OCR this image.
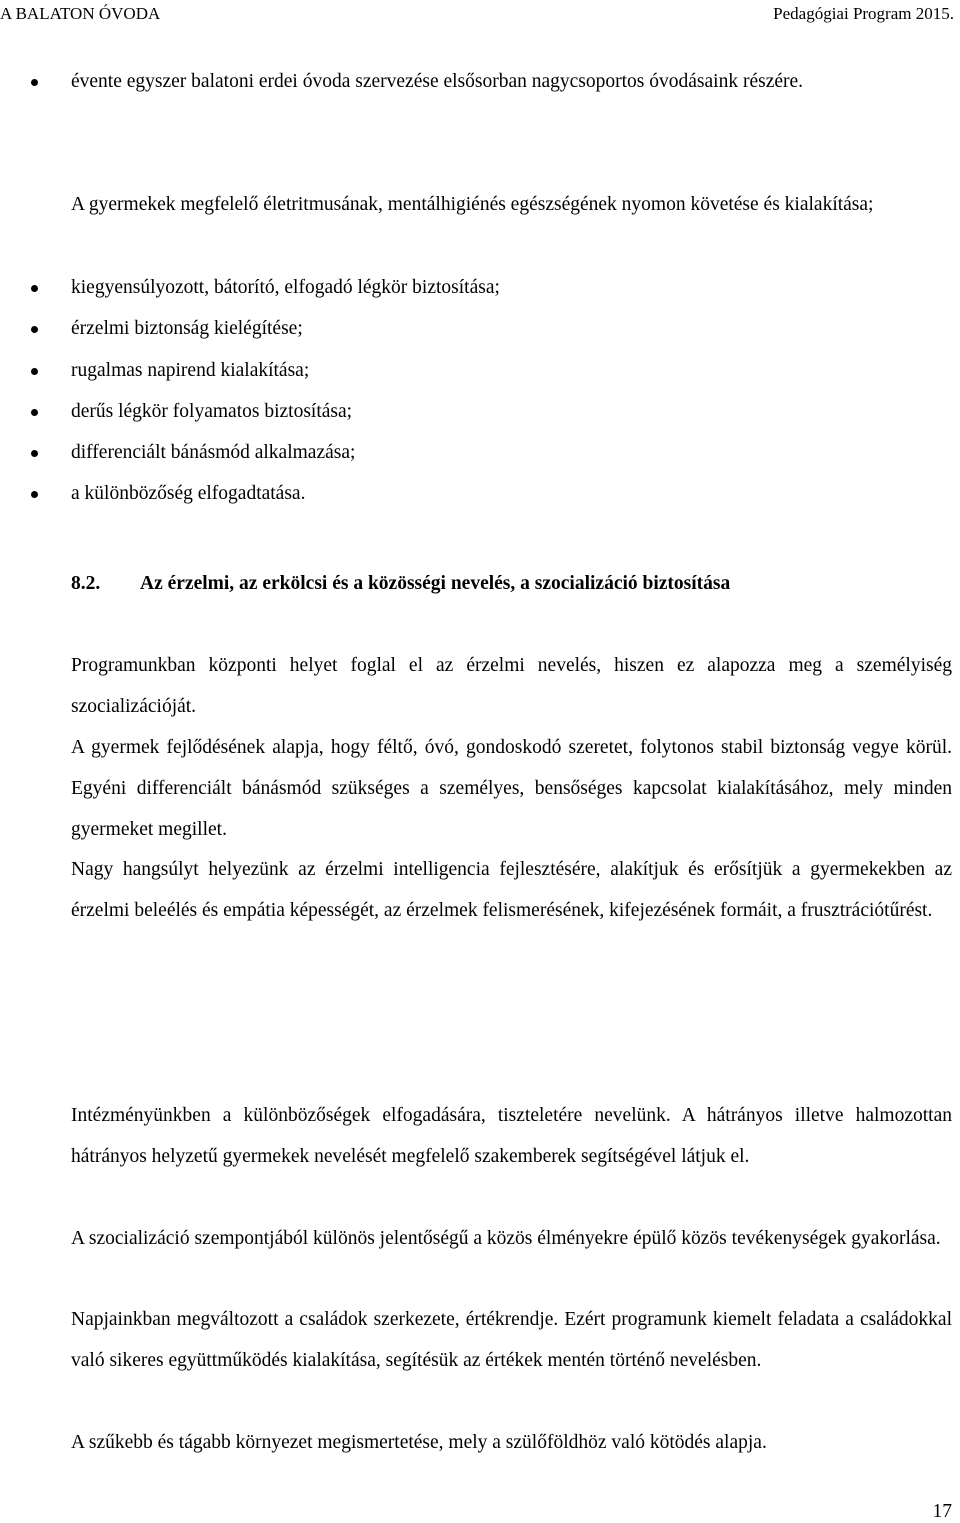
A BALATON ÓVODA	Pedagógiai Program 2015.
évente egyszer balatoni erdei óvoda szervezése elsősorban nagycsoportos óvodásaink részére.
A gyermekek megfelelő életritmusának, mentálhigiénés egészségének nyomon követése és kialakítása;
kiegyensúlyozott, bátorító, elfogadó légkör biztosítása;
érzelmi biztonság kielégítése;
rugalmas napirend kialakítása;
derűs légkör folyamatos biztosítása;
differenciált bánásmód alkalmazása;
a különbözőség elfogadtatása.
8.2. Az érzelmi, az erkölcsi és a közösségi nevelés, a szocializáció biztosítása
Programunkban központi helyet foglal el az érzelmi nevelés, hiszen ez alapozza meg a személyiség szocializációját.
A gyermek fejlődésének alapja, hogy féltő, óvó, gondoskodó szeretet, folytonos stabil biztonság vegye körül. Egyéni differenciált bánásmód szükséges a személyes, bensőséges kapcsolat kialakításához, mely minden gyermeket megillet.
Nagy hangsúlyt helyezünk az érzelmi intelligencia fejlesztésére, alakítjuk és erősítjük a gyermekekben az érzelmi beleélés és empátia képességét, az érzelmek felismerésének, kifejezésének formáit, a frusztrációtűrést.
Intézményünkben a különbözőségek elfogadására, tiszteletére nevelünk. A hátrányos illetve halmozottan hátrányos helyzetű gyermekek nevelését megfelelő szakemberek segítségével látjuk el.
A szocializáció szempontjából különös jelentőségű a közös élményekre épülő közös tevékenységek gyakorlása.
Napjainkban megváltozott a családok szerkezete, értékrendje. Ezért programunk kiemelt feladata a családokkal való sikeres együttműködés kialakítása, segítésük az értékek mentén történő nevelésben.
A szűkebb és tágabb környezet megismertetése, mely a szülőföldhöz való kötödés alapja.
17
